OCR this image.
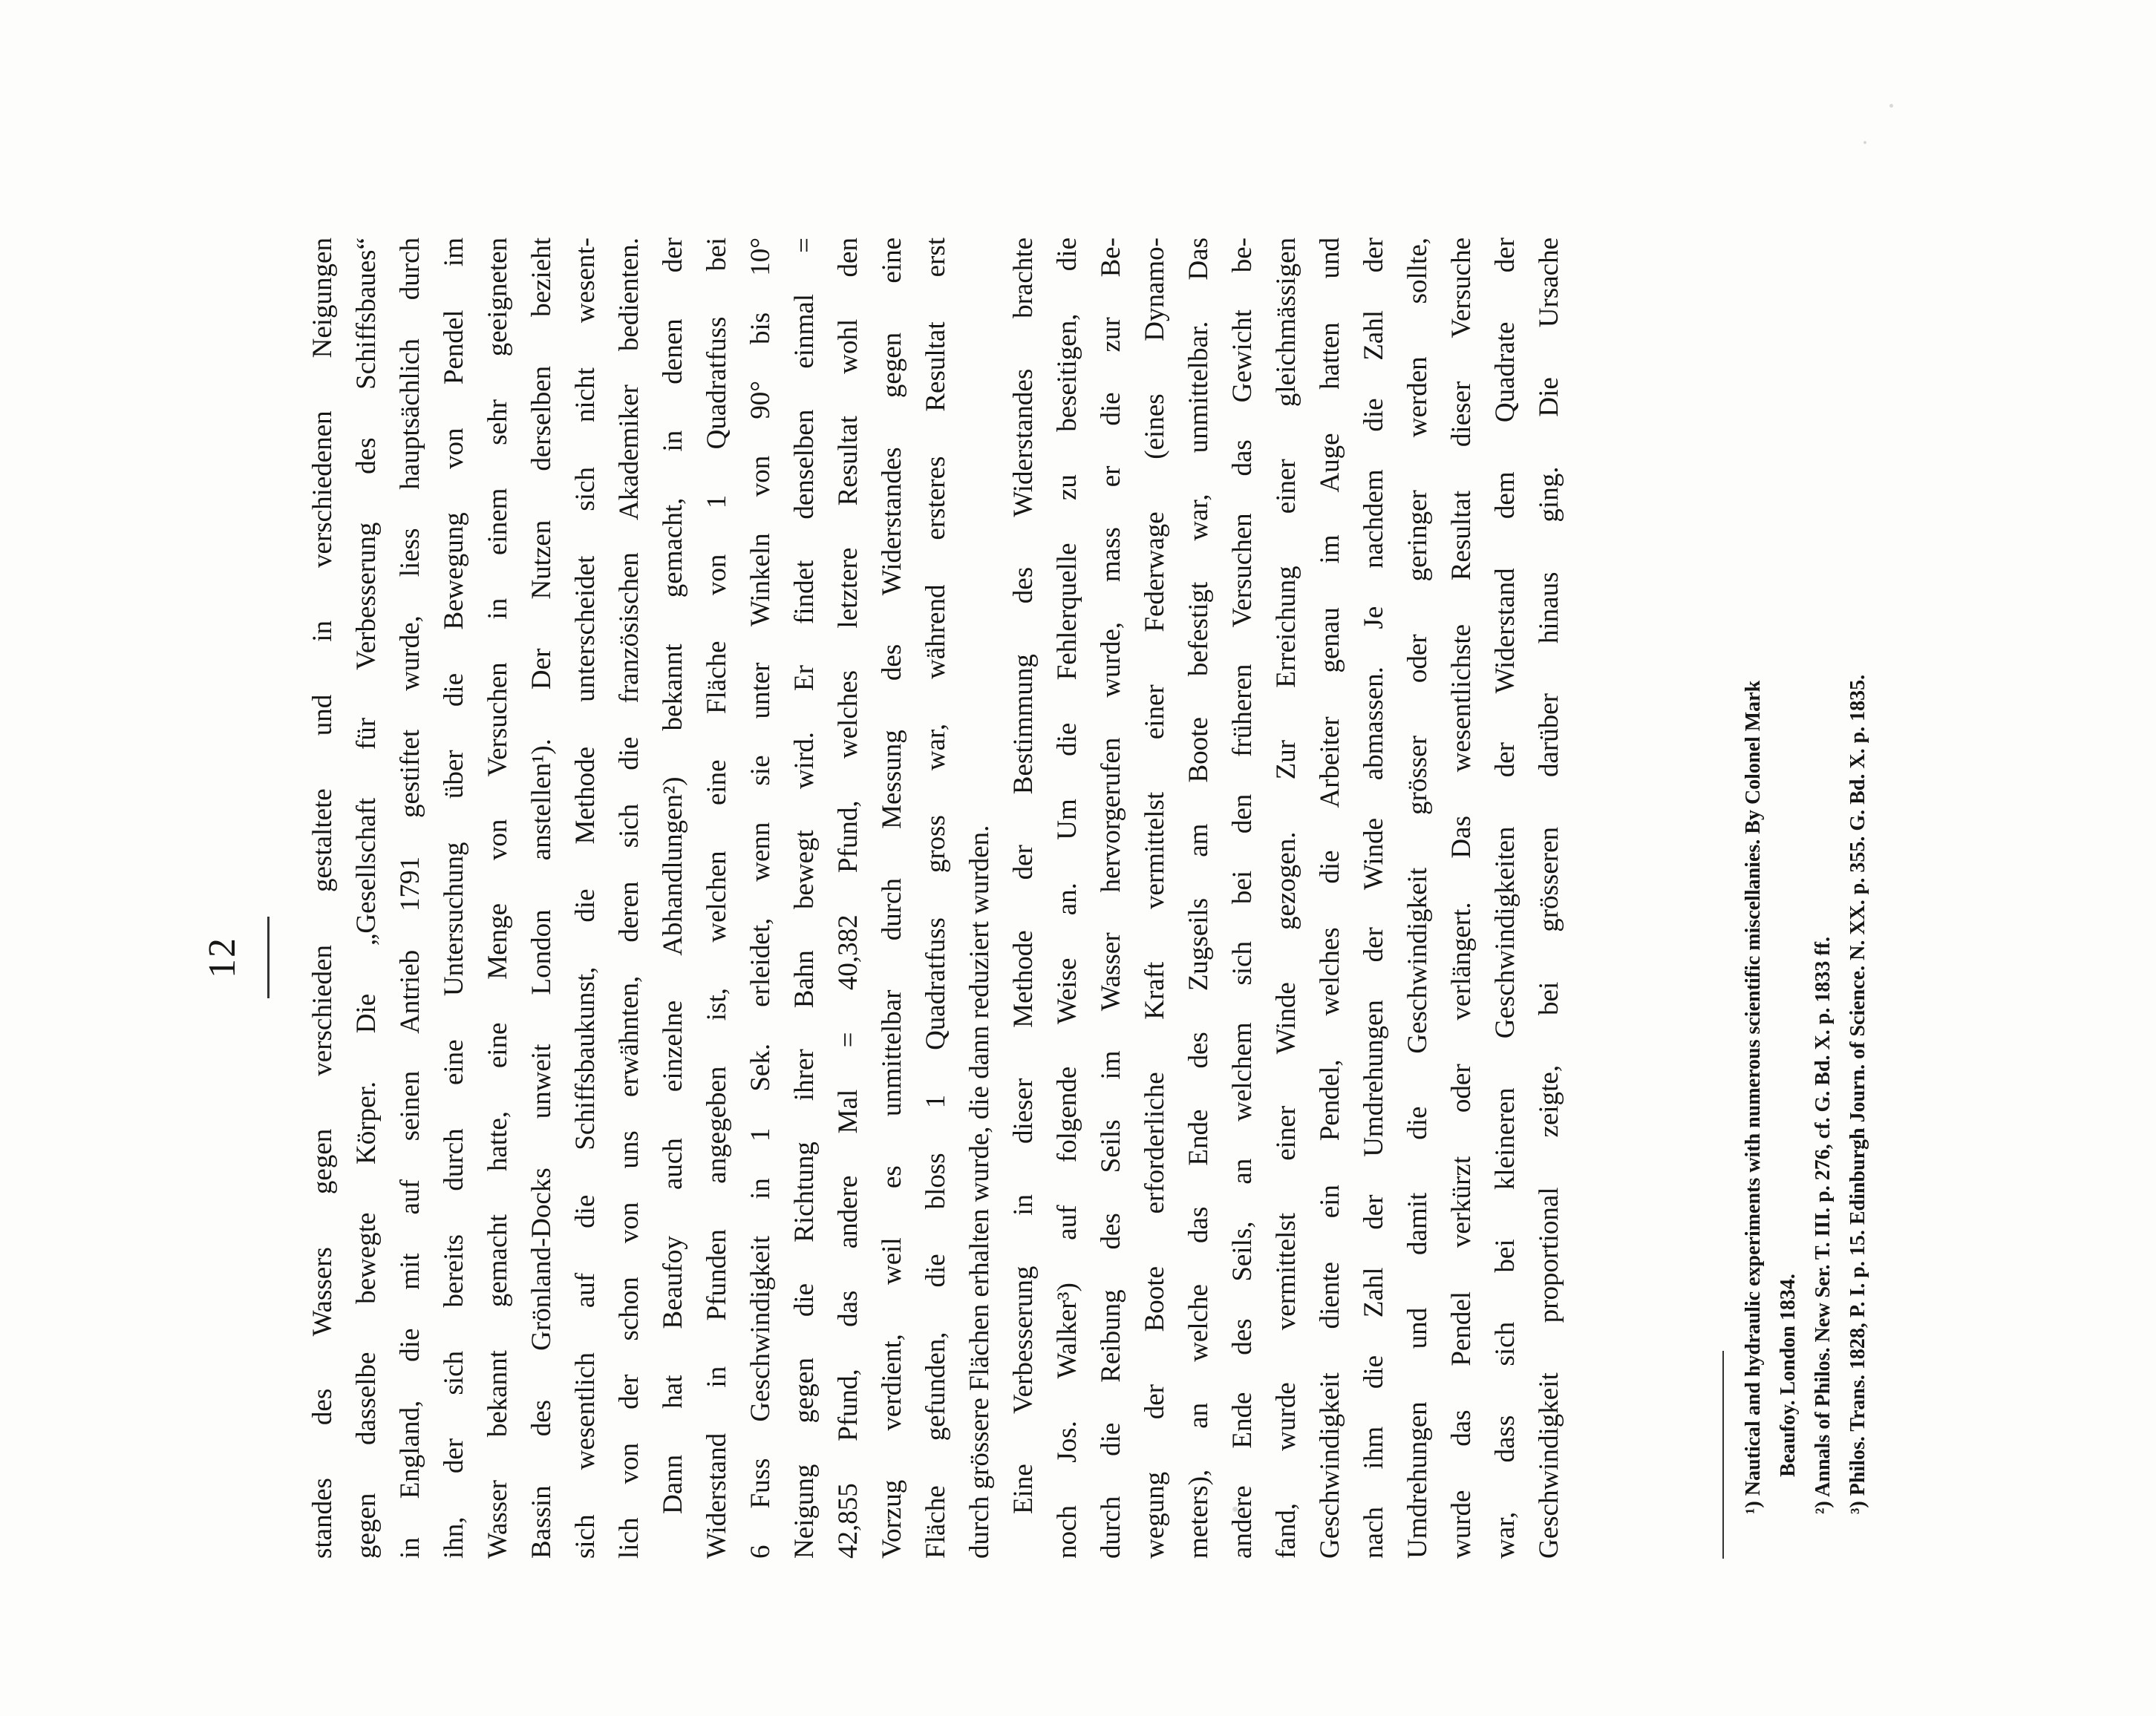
12 standes des Wassers gegen verschieden gestaltete und in verschiedenen Neigungen gegen dasselbe bewegte Körper. Die „Gesellschaft für Verbesserung des Schiffsbaues“ in England, die mit auf seinen Antrieb 1791 gestiftet wurde, liess hauptsächlich durch ihn, der sich bereits durch eine Untersuchung über die Bewegung von Pendel im Wasser bekannt gemacht hatte, eine Menge von Versuchen in einem sehr geeigneten Bassin des Grönland-Docks unweit London anstellen¹). Der Nutzen derselben bezieht sich wesentlich auf die Schiffsbaukunst, die Methode unterscheidet sich nicht wesent- lich von der schon von uns erwähnten, deren sich die französischen Akademiker bedienten. Dann hat Beaufoy auch einzelne Abhandlungen²) bekannt gemacht, in denen der Widerstand in Pfunden angegeben ist, welchen eine Fläche von 1 Quadratfuss bei 6 Fuss Geschwindigkeit in 1 Sek. erleidet, wenn sie unter Winkeln von 90° bis 10° Neigung gegen die Richtung ihrer Bahn bewegt wird. Er findet denselben einmal = 42,855 Pfund, das andere Mal = 40,382 Pfund, welches letztere Resultat wohl den Vorzug verdient, weil es unmittelbar durch Messung des Widerstandes gegen eine Fläche gefunden, die bloss 1 Quadratfuss gross war, während ersteres Resultat erst durch grössere Flächen erhalten wurde, die dann reduziert wurden. Eine Verbesserung in dieser Methode der Bestimmung des Widerstandes brachte noch Jos. Walker³) auf folgende Weise an. Um die Fehlerquelle zu beseitigen, die durch die Reibung des Seils im Wasser hervorgerufen wurde, mass er die zur Be- wegung der Boote erforderliche Kraft vermittelst einer Federwage (eines Dynamo- meters), an welche das Ende des Zugseils am Boote befestigt war, unmittelbar. Das andere Ende des Seils, an welchem sich bei den früheren Versuchen das Gewicht be- fand, wurde vermittelst einer Winde gezogen. Zur Erreichung einer gleichmässigen Geschwindigkeit diente ein Pendel, welches die Arbeiter genau im Auge hatten und nach ihm die Zahl der Umdrehungen der Winde abmassen. Je nachdem die Zahl der Umdrehungen und damit die Geschwindigkeit grösser oder geringer werden sollte, wurde das Pendel verkürzt oder verlängert. Das wesentlichste Resultat dieser Versuche war, dass sich bei kleineren Geschwindigkeiten der Widerstand dem Quadrate der Geschwindigkeit proportional zeigte, bei grösseren darüber hinaus ging. Die Ursache	¹) Nautical and hydraulic experiments with numerous scientific miscellanies. By Colonel Mark Beaufoy. London 1834. ²) Annals of Philos. New Ser. T. III. p. 276, cf. G. Bd. X. p. 1833 ff. ³) Philos. Trans. 1828, P. I. p. 15. Edinburgh Journ. of Science. N. XX. p. 355. G. Bd. X. p. 1835.
